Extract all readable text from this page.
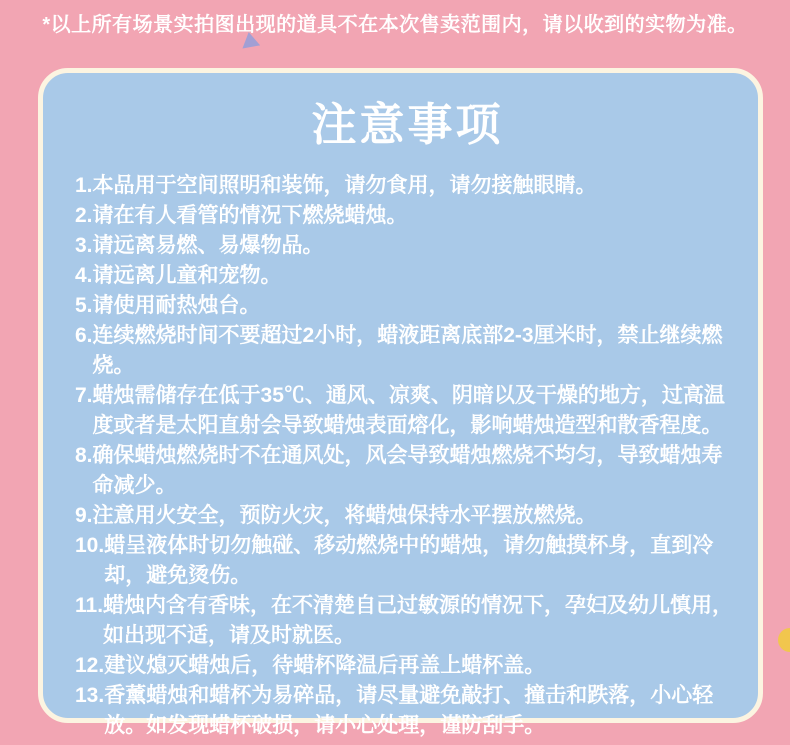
*以上所有场景实拍图出现的道具不在本次售卖范围内，请以收到的实物为准。
注意事项
1. 本品用于空间照明和装饰，请勿食用，请勿接触眼睛。
2. 请在有人看管的情况下燃烧蜡烛。
3. 请远离易燃、易爆物品。
4. 请远离儿童和宠物。
5. 请使用耐热烛台。
6. 连续燃烧时间不要超过2小时，蜡液距离底部2-3厘米时，禁止继续燃烧。
7. 蜡烛需储存在低于35℃、通风、凉爽、阴暗以及干燥的地方，过高温度或者是太阳直射会导致蜡烛表面熔化，影响蜡烛造型和散香程度。
8. 确保蜡烛燃烧时不在通风处，风会导致蜡烛燃烧不均匀，导致蜡烛寿命减少。
9. 注意用火安全，预防火灾，将蜡烛保持水平摆放燃烧。
10. 蜡呈液体时切勿触碰、移动燃烧中的蜡烛，请勿触摸杯身，直到冷却，避免烫伤。
11. 蜡烛内含有香味，在不清楚自己过敏源的情况下，孕妇及幼儿慎用，如出现不适，请及时就医。
12. 建议熄灭蜡烛后，待蜡杯降温后再盖上蜡杯盖。
13. 香薰蜡烛和蜡杯为易碎品，请尽量避免敲打、撞击和跌落，小心轻放。如发现蜡杯破损，请小心处理，谨防刮手。
